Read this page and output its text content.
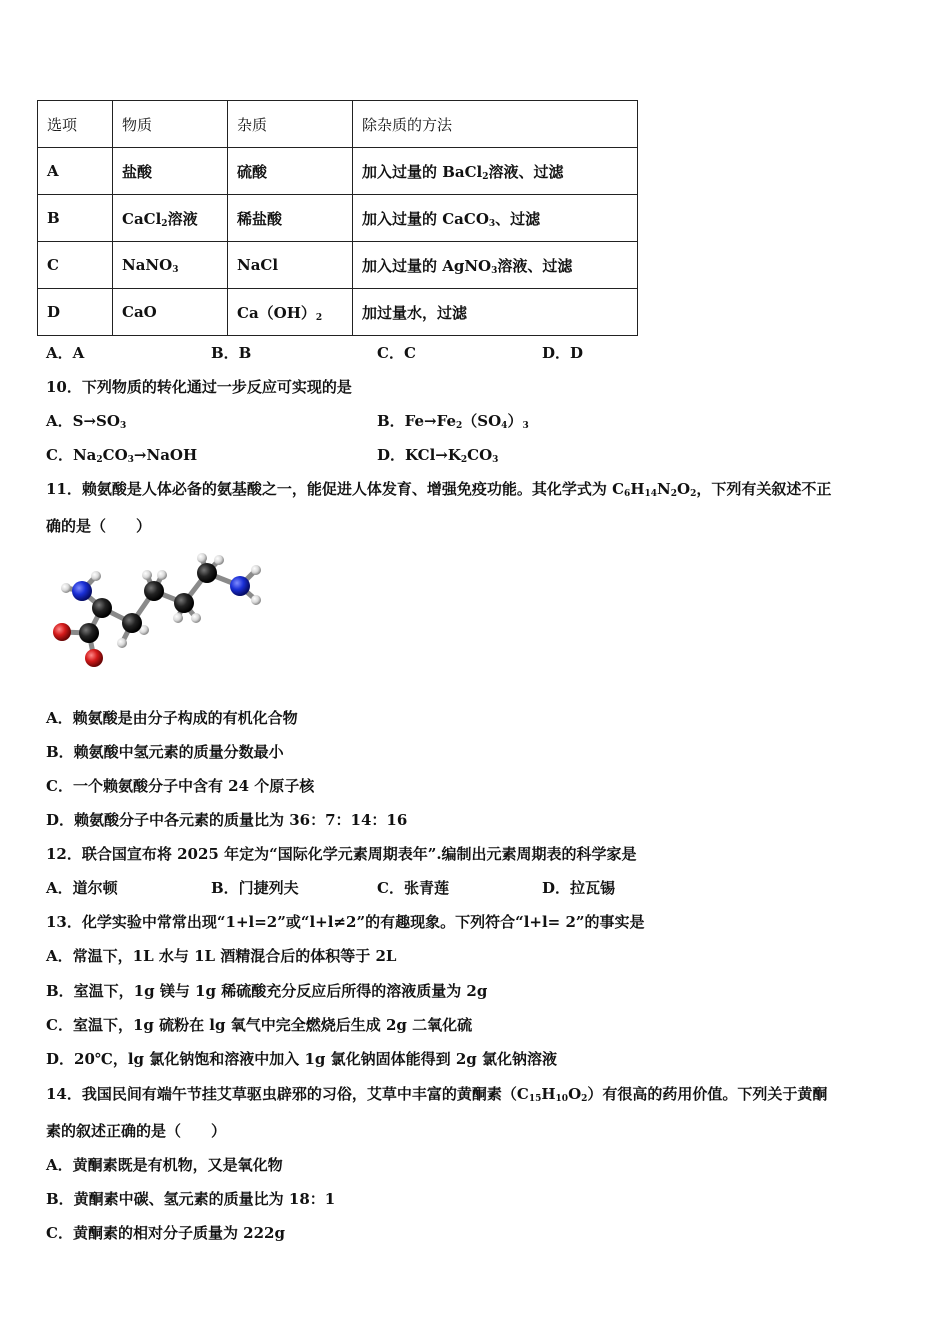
选项	物质	杂质	除杂质的方法
A	盐酸	硫酸	加入过量的 BaCl$_2$溶液、过滤
B	CaCl$_2$溶液	稀盐酸	加入过量的 CaCO$_3$、过滤
C	NaNO$_3$	NaCl	加入过量的 AgNO$_3$溶液、过滤
D	CaO	$Ca(OH)_2$	加过量水，过滤
A．A	B．B	C．C	D．D
10．下列物质的转化通过一步反应可实现的是
A．$S\to SO_3$	B．$Fe\to Fe_2(SO_4)_3$
C．$Na_2CO_3\to NaOH$	D．$KCl\to K_2CO_3$
11．赖氨酸是人体必备的氨基酸之一，能促进人体发育、增强免疫功能。其化学式为 $C_6H_{14}N_2O_2$，下列有关叙述不正
确的是（　　）
A．赖氨酸是由分子构成的有机化合物
B．赖氨酸中氢元素的质量分数最小
C．一个赖氨酸分子中含有 24 个原子核
D．赖氨酸分子中各元素的质量比为 36：7：14：16
12．联合国宣布将 2025 年定为“国际化学元素周期表年”.编制出元素周期表的科学家是
A．道尔顿	B．门捷列夫	C．张青莲	D．拉瓦锡
13．化学实验中常常出现“1+l=2”或“l+l≠2”的有趣现象。下列符合“l+l= 2”的事实是
A．常温下，1L 水与 1L 酒精混合后的体积等于 2L
B．室温下，1g 镁与 1g 稀硫酸充分反应后所得的溶液质量为 2g
C．室温下，1g 硫粉在 lg 氧气中完全燃烧后生成 2g 二氧化硫
D．20℃，lg 氯化钠饱和溶液中加入 1g 氯化钠固体能得到 2g 氯化钠溶液
14．我国民间有端午节挂艾草驱虫辟邪的习俗，艾草中丰富的黄酮素$(C_{15}H_{10}O_2)$有很高的药用价值。下列关于黄酮
素的叙述正确的是（　　）
A．黄酮素既是有机物，又是氧化物
B．黄酮素中碳、氢元素的质量比为 18：1
C．黄酮素的相对分子质量为 222g
